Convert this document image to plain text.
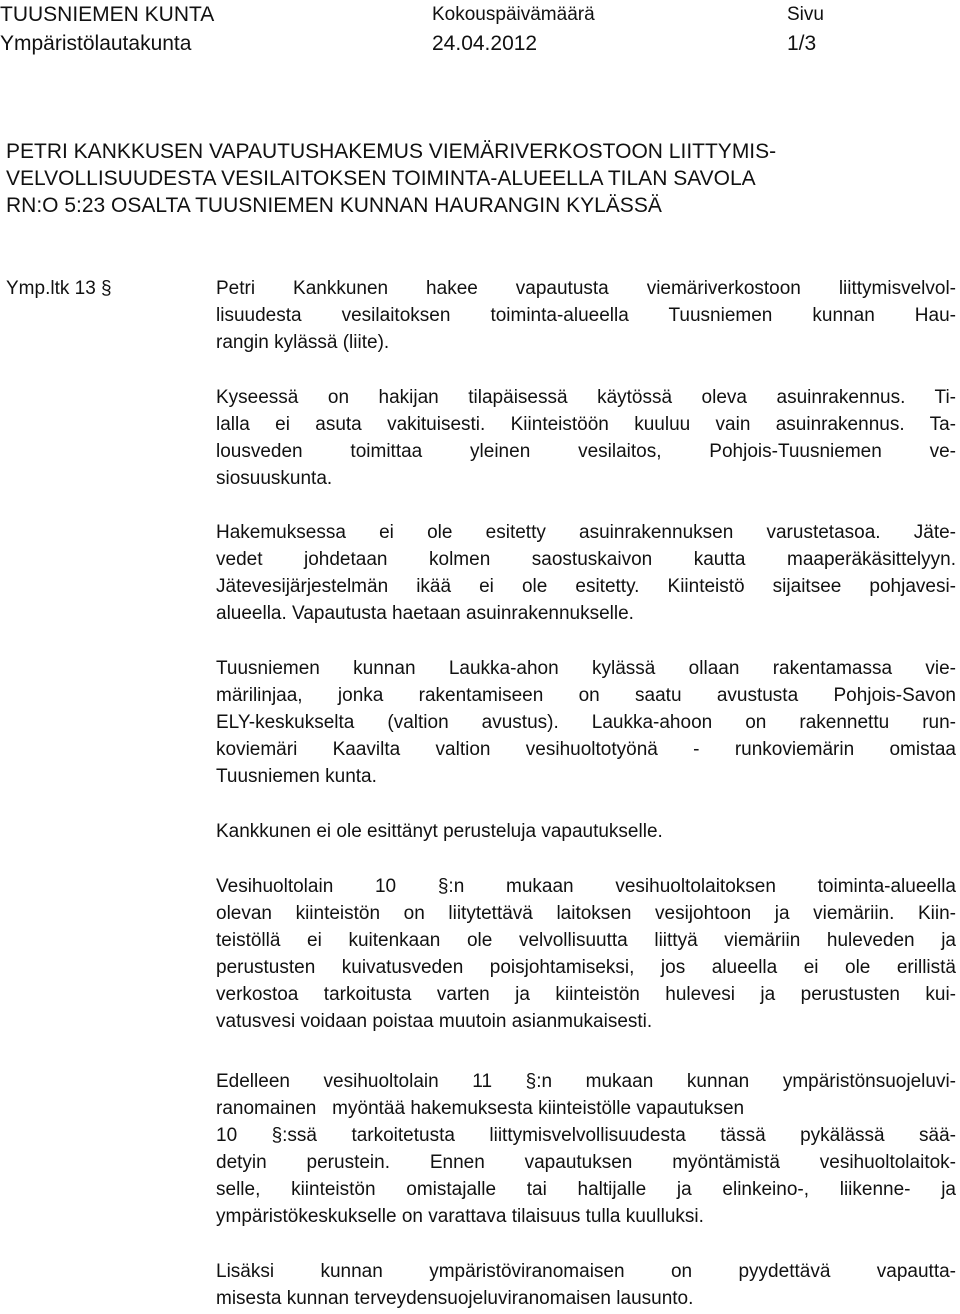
TUUSNIEMEN KUNTA
Ympäristölautakunta
Kokouspäivämäärä
24.04.2012
Sivu
1/3
PETRI KANKKUSEN VAPAUTUSHAKEMUS VIEMÄRIVERKOSTOON LIITTYMIS-
VELVOLLISUUDESTA VESILAITOKSEN TOIMINTA-ALUEELLA TILAN SAVOLA
RN:O 5:23 OSALTA TUUSNIEMEN KUNNAN HAURANGIN KYLÄSSÄ
Ymp.ltk 13 §	Petri Kankkunen hakee vapautusta viemäriverkostoon liittymisvelvol-
lisuudesta vesilaitoksen toiminta-alueella Tuusniemen kunnan Hau-
rangin kylässä (liite).
Kyseessä on hakijan tilapäisessä käytössä oleva asuinrakennus. Ti-
lalla ei asuta vakituisesti. Kiinteistöön kuuluu vain asuinrakennus. Ta-
lousveden toimittaa yleinen vesilaitos, Pohjois-Tuusniemen ve-
siosuuskunta.
Hakemuksessa ei ole esitetty asuinrakennuksen varustetasoa. Jäte-
vedet johdetaan kolmen saostuskaivon kautta maaperäkäsittelyyn.
Jätevesijärjestelmän ikää ei ole esitetty. Kiinteistö sijaitsee pohjavesi-
alueella. Vapautusta haetaan asuinrakennukselle.
Tuusniemen kunnan Laukka-ahon kylässä ollaan rakentamassa vie-
märilinjaa, jonka rakentamiseen on saatu avustusta Pohjois-Savon
ELY-keskukselta (valtion avustus). Laukka-ahoon on rakennettu run-
koviemäri Kaavilta valtion vesihuoltotyönä - runkoviemärin omistaa
Tuusniemen kunta.
Kankkunen ei ole esittänyt perusteluja vapautukselle.
Vesihuoltolain 10 §:n mukaan vesihuoltolaitoksen toiminta-alueella
olevan kiinteistön on liitytettävä laitoksen vesijohtoon ja viemäriin. Kiin-
teistöllä ei kuitenkaan ole velvollisuutta liittyä viemäriin huleveden ja
perustusten kuivatusveden poisjohtamiseksi, jos alueella ei ole erillistä
verkostoa tarkoitusta varten ja kiinteistön hulevesi ja perustusten kui-
vatusvesi voidaan poistaa muutoin asianmukaisesti.
Edelleen vesihuoltolain 11 §:n mukaan kunnan ympäristönsuojeluvi-
ranomainen   myöntää hakemuksesta kiinteistölle vapautuksen
10 §:ssä tarkoitetusta liittymisvelvollisuudesta tässä pykälässä sää-
detyin perustein. Ennen vapautuksen myöntämistä vesihuoltolaitok-
selle, kiinteistön omistajalle tai haltijalle ja elinkeino-, liikenne- ja
ympäristökeskukselle on varattava tilaisuus tulla kuulluksi.
Lisäksi kunnan ympäristöviranomaisen on pyydettävä vapautta-
misesta kunnan terveydensuojeluviranomaisen lausunto.
